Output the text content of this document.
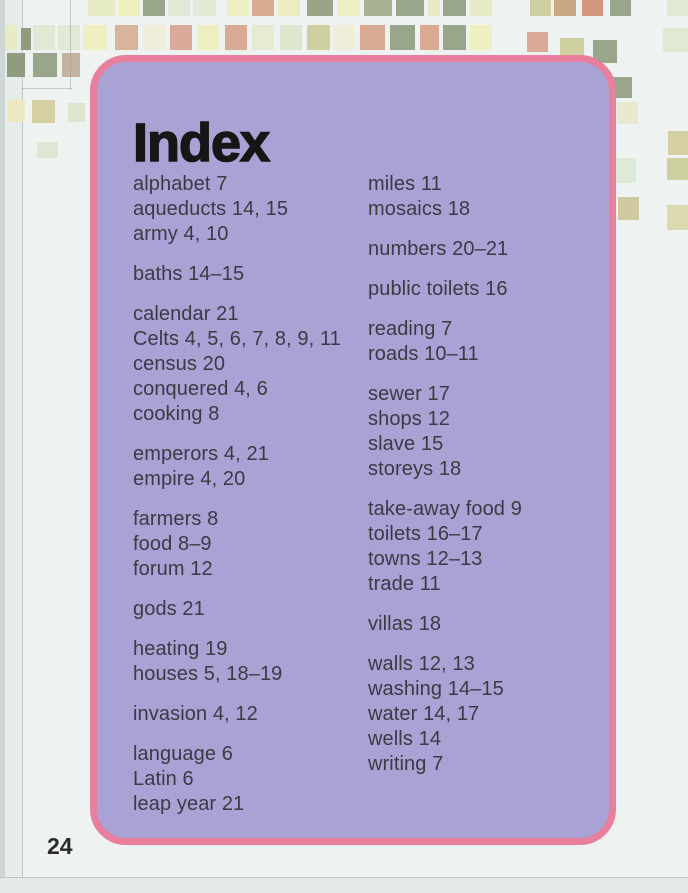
Index
alphabet 7
aqueducts 14, 15
army 4, 10
baths 14–15
calendar 21
Celts 4, 5, 6, 7, 8, 9, 11
census 20
conquered 4, 6
cooking 8
emperors 4, 21
empire 4, 20
farmers 8
food 8–9
forum 12
gods 21
heating 19
houses 5, 18–19
invasion 4, 12
language 6
Latin 6
leap year 21
miles 11
mosaics 18
numbers 20–21
public toilets 16
reading 7
roads 10–11
sewer 17
shops 12
slave 15
storeys 18
take-away food 9
toilets 16–17
towns 12–13
trade 11
villas 18
walls 12, 13
washing 14–15
water 14, 17
wells 14
writing 7
24
